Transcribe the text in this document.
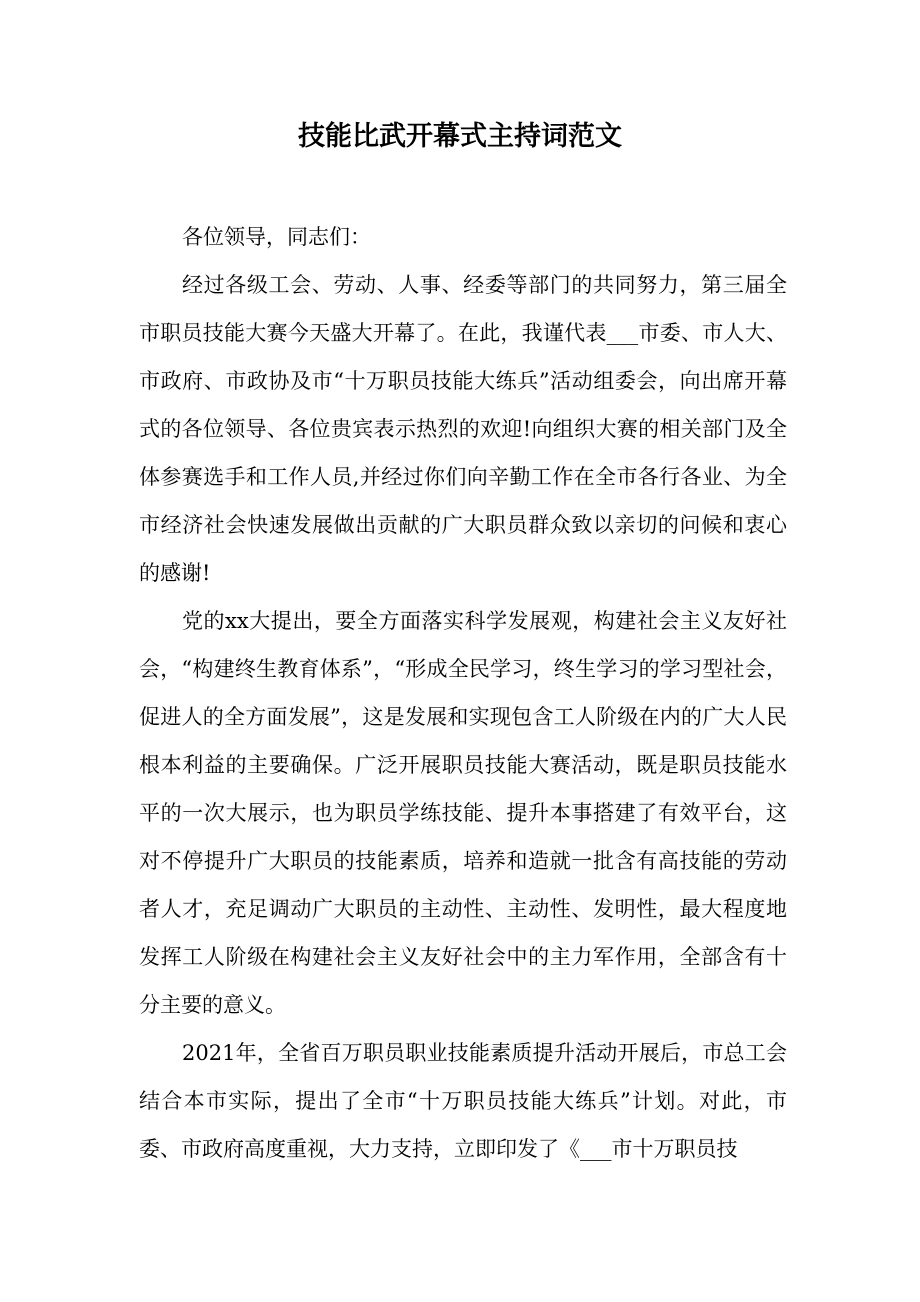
技能比武开幕式主持词范文

各位领导，同志们：

经过各级工会、劳动、人事、经委等部门的共同努力，第三届全市职员技能大赛今天盛大开幕了。在此，我谨代表___市委、市人大、市政府、市政协及市“十万职员技能大练兵”活动组委会，向出席开幕式的各位领导、各位贵宾表示热烈的欢迎!向组织大赛的相关部门及全体参赛选手和工作人员,并经过你们向辛勤工作在全市各行各业、为全市经济社会快速发展做出贡献的广大职员群众致以亲切的问候和衷心的感谢!

党的xx大提出，要全方面落实科学发展观，构建社会主义友好社会，“构建终生教育体系”，“形成全民学习，终生学习的学习型社会，促进人的全方面发展”，这是发展和实现包含工人阶级在内的广大人民根本利益的主要确保。广泛开展职员技能大赛活动，既是职员技能水平的一次大展示，也为职员学练技能、提升本事搭建了有效平台，这对不停提升广大职员的技能素质，培养和造就一批含有高技能的劳动者人才，充足调动广大职员的主动性、主动性、发明性，最大程度地发挥工人阶级在构建社会主义友好社会中的主力军作用，全部含有十分主要的意义。

2021年，全省百万职员职业技能素质提升活动开展后，市总工会结合本市实际，提出了全市“十万职员技能大练兵”计划。对此，市委、市政府高度重视，大力支持，立即印发了《___市十万职员技
